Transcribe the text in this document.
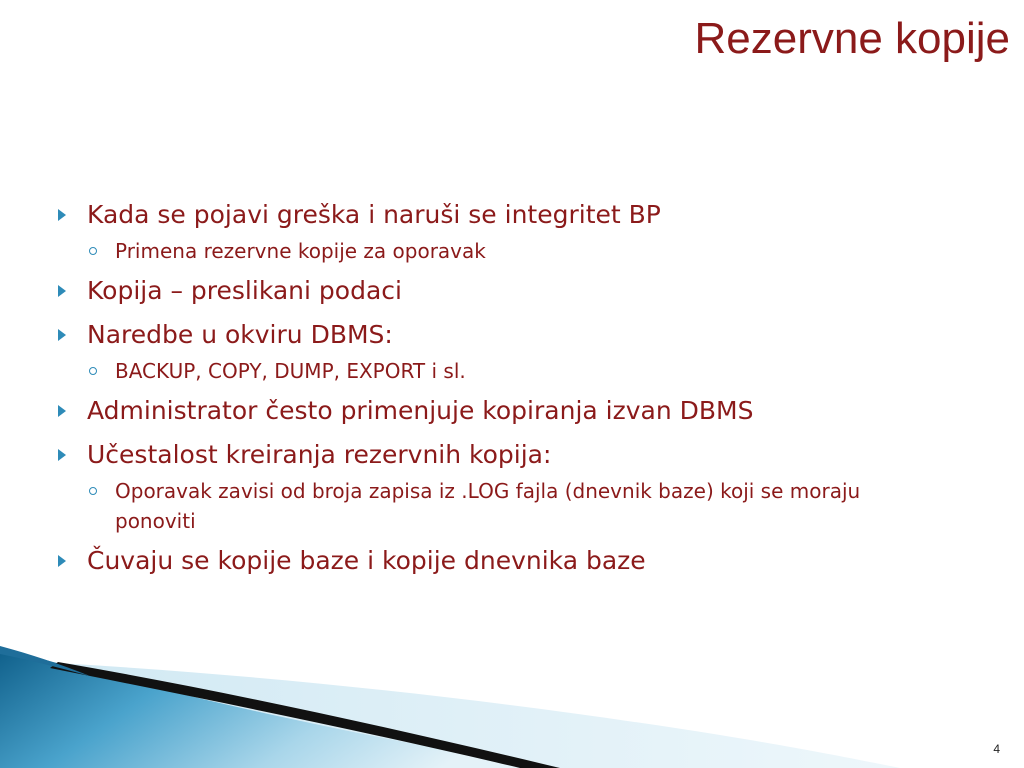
Rezervne kopije
Kada se pojavi greška i naruši se integritet BP
Primena rezervne kopije za oporavak
Kopija – preslikani podaci
Naredbe u okviru DBMS:
BACKUP, COPY, DUMP, EXPORT i sl.
Administrator često primenjuje kopiranja izvan DBMS
Učestalost kreiranja rezervnih kopija:
Oporavak zavisi od broja zapisa iz .LOG fajla (dnevnik baze) koji se moraju ponoviti
Čuvaju se kopije baze i kopije dnevnika baze
4
